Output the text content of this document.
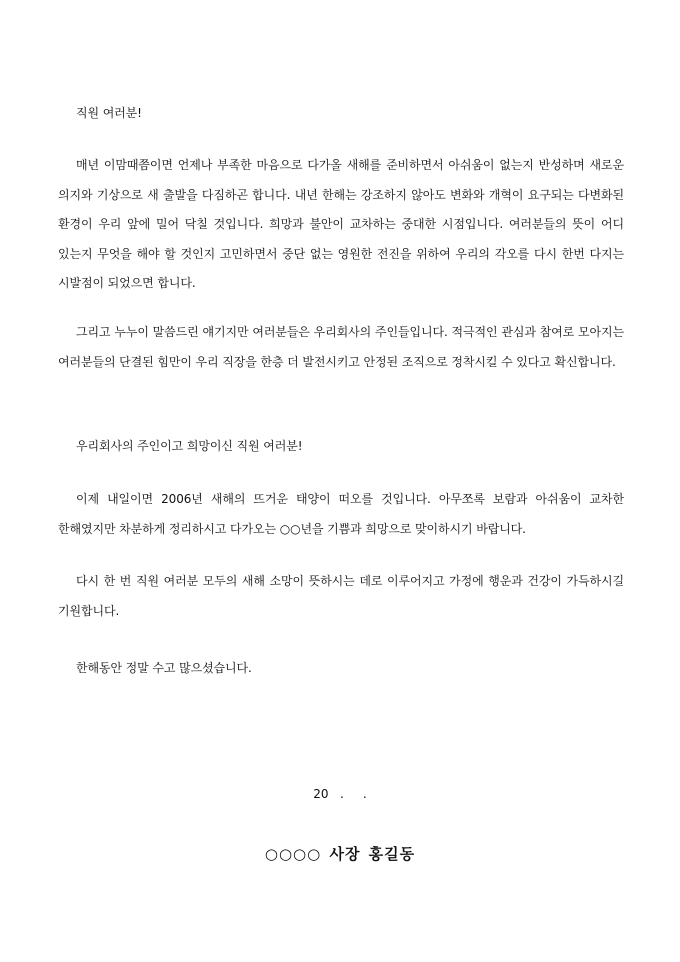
직원 여러분!

매년 이맘때쯤이면 언제나 부족한 마음으로 다가올 새해를 준비하면서 아쉬움이 없는지 반성하며 새로운 의지와 기상으로 새 출발을 다짐하곤 합니다. 내년 한해는 강조하지 않아도 변화와 개혁이 요구되는 다변화된 환경이 우리 앞에 밀어 닥칠 것입니다. 희망과 불안이 교차하는 중대한 시점입니다. 여러분들의 뜻이 어디 있는지 무엇을 해야 할 것인지 고민하면서 중단 없는 영원한 전진을 위하여 우리의 각오를 다시 한번 다지는 시발점이 되었으면 합니다.

그리고 누누이 말씀드린 얘기지만 여러분들은 우리회사의 주인들입니다. 적극적인 관심과 참여로 모아지는 여러분들의 단결된 힘만이 우리 직장을 한층 더 발전시키고 안정된 조직으로 정착시킬 수 있다고 확신합니다.

우리회사의 주인이고 희망이신 직원 여러분!

이제 내일이면 2006년 새해의 뜨거운 태양이 떠오를 것입니다. 아무쪼록 보람과 아쉬움이 교차한 한해였지만 차분하게 정리하시고 다가오는 ○○년을 기쁨과 희망으로 맞이하시기 바랍니다.

다시 한 번 직원 여러분 모두의 새해 소망이 뜻하시는 데로 이루어지고 가정에 행운과 건강이 가득하시길 기원합니다.

한해동안 정말 수고 많으셨습니다.

20   .     .
○○○○ 사장 홍길동
